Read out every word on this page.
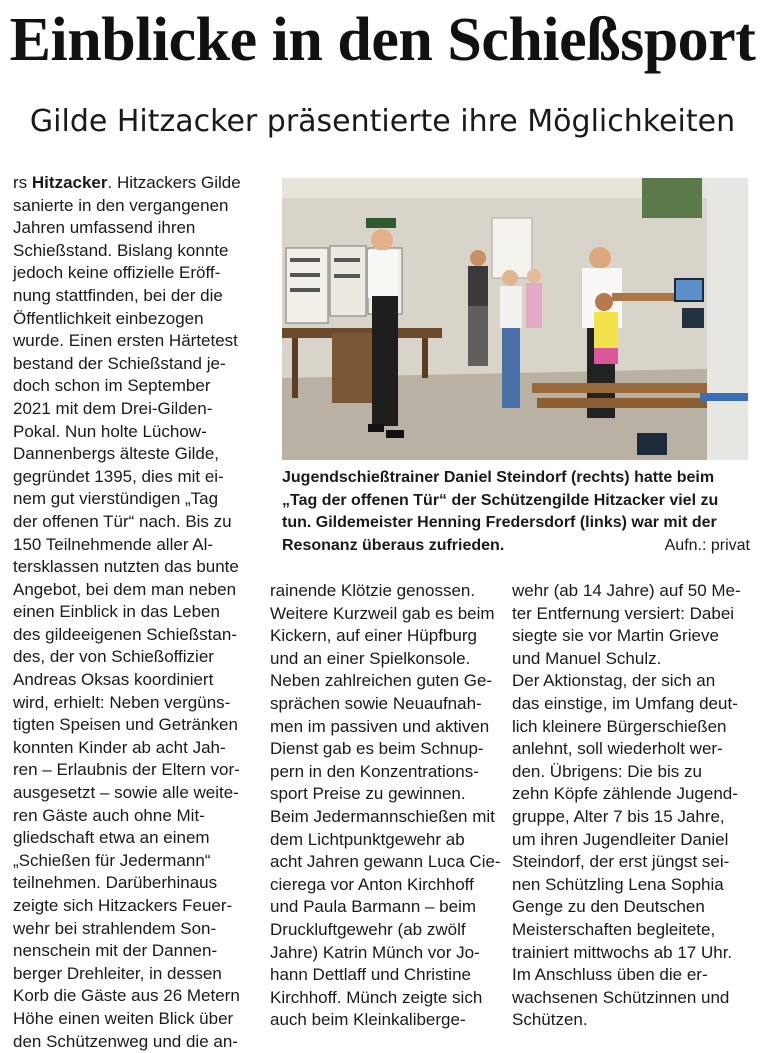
Einblicke in den Schießsport
Gilde Hitzacker präsentierte ihre Möglichkeiten
rs Hitzacker. Hitzackers Gilde
sanierte in den vergangenen
Jahren umfassend ihren
Schießstand. Bislang konnte
jedoch keine offizielle Eröff-
nung stattfinden, bei der die
Öffentlichkeit einbezogen
wurde. Einen ersten Härtetest
bestand der Schießstand je-
doch schon im September
2021 mit dem Drei-Gilden-
Pokal. Nun holte Lüchow-
Dannenbergs älteste Gilde,
gegründet 1395, dies mit ei-
nem gut vierstündigen „Tag
der offenen Tür“ nach. Bis zu
150 Teilnehmende aller Al-
tersklassen nutzten das bunte
Angebot, bei dem man neben
einen Einblick in das Leben
des gildeeigenen Schießstan-
des, der von Schießoffizier
Andreas Oksas koordiniert
wird, erhielt: Neben vergüns-
tigten Speisen und Getränken
konnten Kinder ab acht Jah-
ren – Erlaubnis der Eltern vor-
ausgesetzt – sowie alle weite-
ren Gäste auch ohne Mit-
gliedschaft etwa an einem
„Schießen für Jedermann“
teilnehmen. Darüberhinaus
zeigte sich Hitzackers Feuer-
wehr bei strahlendem Son-
nenschein mit der Dannen-
berger Drehleiter, in dessen
Korb die Gäste aus 26 Metern
Höhe einen weiten Blick über
den Schützenweg und die an-
Jugendschießtrainer Daniel Steindorf (rechts) hatte beim
„Tag der offenen Tür“ der Schützengilde Hitzacker viel zu
tun. Gildemeister Henning Fredersdorf (links) war mit der
Resonanz überaus zufrieden.	Aufn.: privat
rainende Klötzie genossen.
Weitere Kurzweil gab es beim
Kickern, auf einer Hüpfburg
und an einer Spielkonsole.
Neben zahlreichen guten Ge-
sprächen sowie Neuaufnah-
men im passiven und aktiven
Dienst gab es beim Schnup-
pern in den Konzentrations-
sport Preise zu gewinnen.
Beim Jedermannschießen mit
dem Lichtpunktgewehr ab
acht Jahren gewann Luca Cie-
cierega vor Anton Kirchhoff
und Paula Barmann – beim
Druckluftgewehr (ab zwölf
Jahre) Katrin Münch vor Jo-
hann Dettlaff und Christine
Kirchhoff. Münch zeigte sich
auch beim Kleinkaliberge-
wehr (ab 14 Jahre) auf 50 Me-
ter Entfernung versiert: Dabei
siegte sie vor Martin Grieve
und Manuel Schulz.
Der Aktionstag, der sich an
das einstige, im Umfang deut-
lich kleinere Bürgerschießen
anlehnt, soll wiederholt wer-
den. Übrigens: Die bis zu
zehn Köpfe zählende Jugend-
gruppe, Alter 7 bis 15 Jahre,
um ihren Jugendleiter Daniel
Steindorf, der erst jüngst sei-
nen Schützling Lena Sophia
Genge zu den Deutschen
Meisterschaften begleitete,
trainiert mittwochs ab 17 Uhr.
Im Anschluss üben die er-
wachsenen Schützinnen und
Schützen.
